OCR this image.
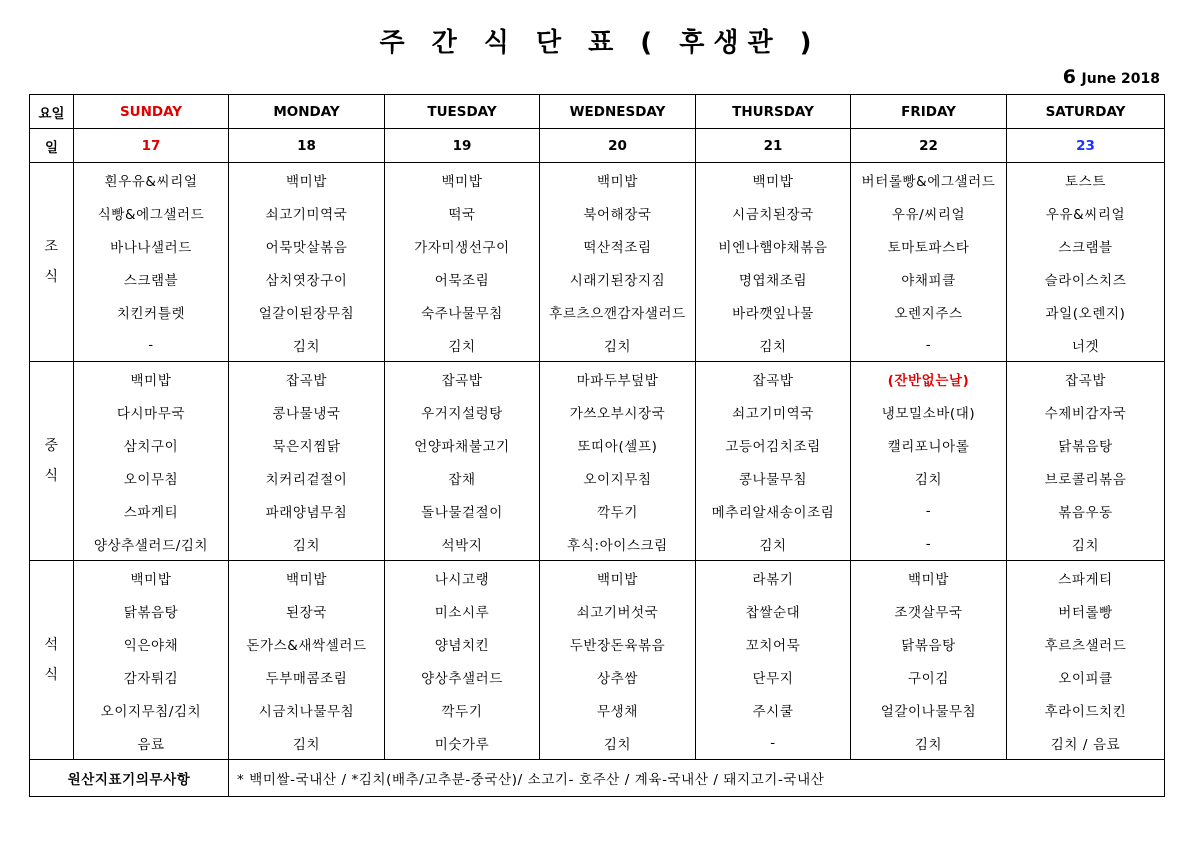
주 간 식 단 표 ( 후생관 )
6 June 2018
요일	SUNDAY	MONDAY	TUESDAY	WEDNESDAY	THURSDAY	FRIDAY	SATURDAY
일	17	18	19	20	21	22	23

조
식	흰우유&씨리얼	백미밥	백미밥	백미밥	백미밥	버터롤빵&에그샐러드	토스트
	식빵&에그샐러드	쇠고기미역국	떡국	북어해장국	시금치된장국	우유/씨리얼	우유&씨리얼
	바나나샐러드	어묵맛살볶음	가자미생선구이	떡산적조림	비엔나햄야채볶음	토마토파스타	스크램블
	스크램블	삼치엿장구이	어묵조림	시래기된장지짐	명엽채조림	야채피클	슬라이스치즈
	치킨커틀렛	얼갈이된장무침	숙주나물무침	후르츠으깬감자샐러드	바라깻잎나물	오렌지주스	과일(오렌지)
	-	김치	김치	김치	김치	-	너겟

중
식	백미밥	잡곡밥	잡곡밥	마파두부덮밥	잡곡밥	(잔반없는날)	잡곡밥
	다시마무국	콩나물냉국	우거지설렁탕	가쓰오부시장국	쇠고기미역국	냉모밀소바(대)	수제비감자국
	삼치구이	묵은지찜닭	언양파채불고기	또띠아(셀프)	고등어김치조림	캘리포니아롤	닭볶음탕
	오이무침	치커리겉절이	잡채	오이지무침	콩나물무침	김치	브로콜리볶음
	스파게티	파래양념무침	돌나물겉절이	깍두기	메추리알새송이조림	-	볶음우동
	양상추샐러드/김치	김치	석박지	후식:아이스크림	김치	-	김치

석
식	백미밥	백미밥	나시고랭	백미밥	라볶기	백미밥	스파게티
	닭볶음탕	된장국	미소시루	쇠고기버섯국	찹쌀순대	조갯살무국	버터롤빵
	익은야채	돈가스&새싹셀러드	양념치킨	두반장돈육볶음	꼬치어묵	닭볶음탕	후르츠샐러드
	감자튀김	두부매콤조림	양상추샐러드	상추쌈	단무지	구이김	오이피클
	오이지무침/김치	시금치나물무침	깍두기	무생채	주시쿨	얼갈이나물무침	후라이드치킨
	음료	김치	미숫가루	김치	-	김치	김치 / 음료
원산지표기의무사항		* 백미쌀-국내산 / *김치(배추/고추분-중국산)/ 소고기- 호주산 / 계육-국내산 / 돼지고기-국내산					
